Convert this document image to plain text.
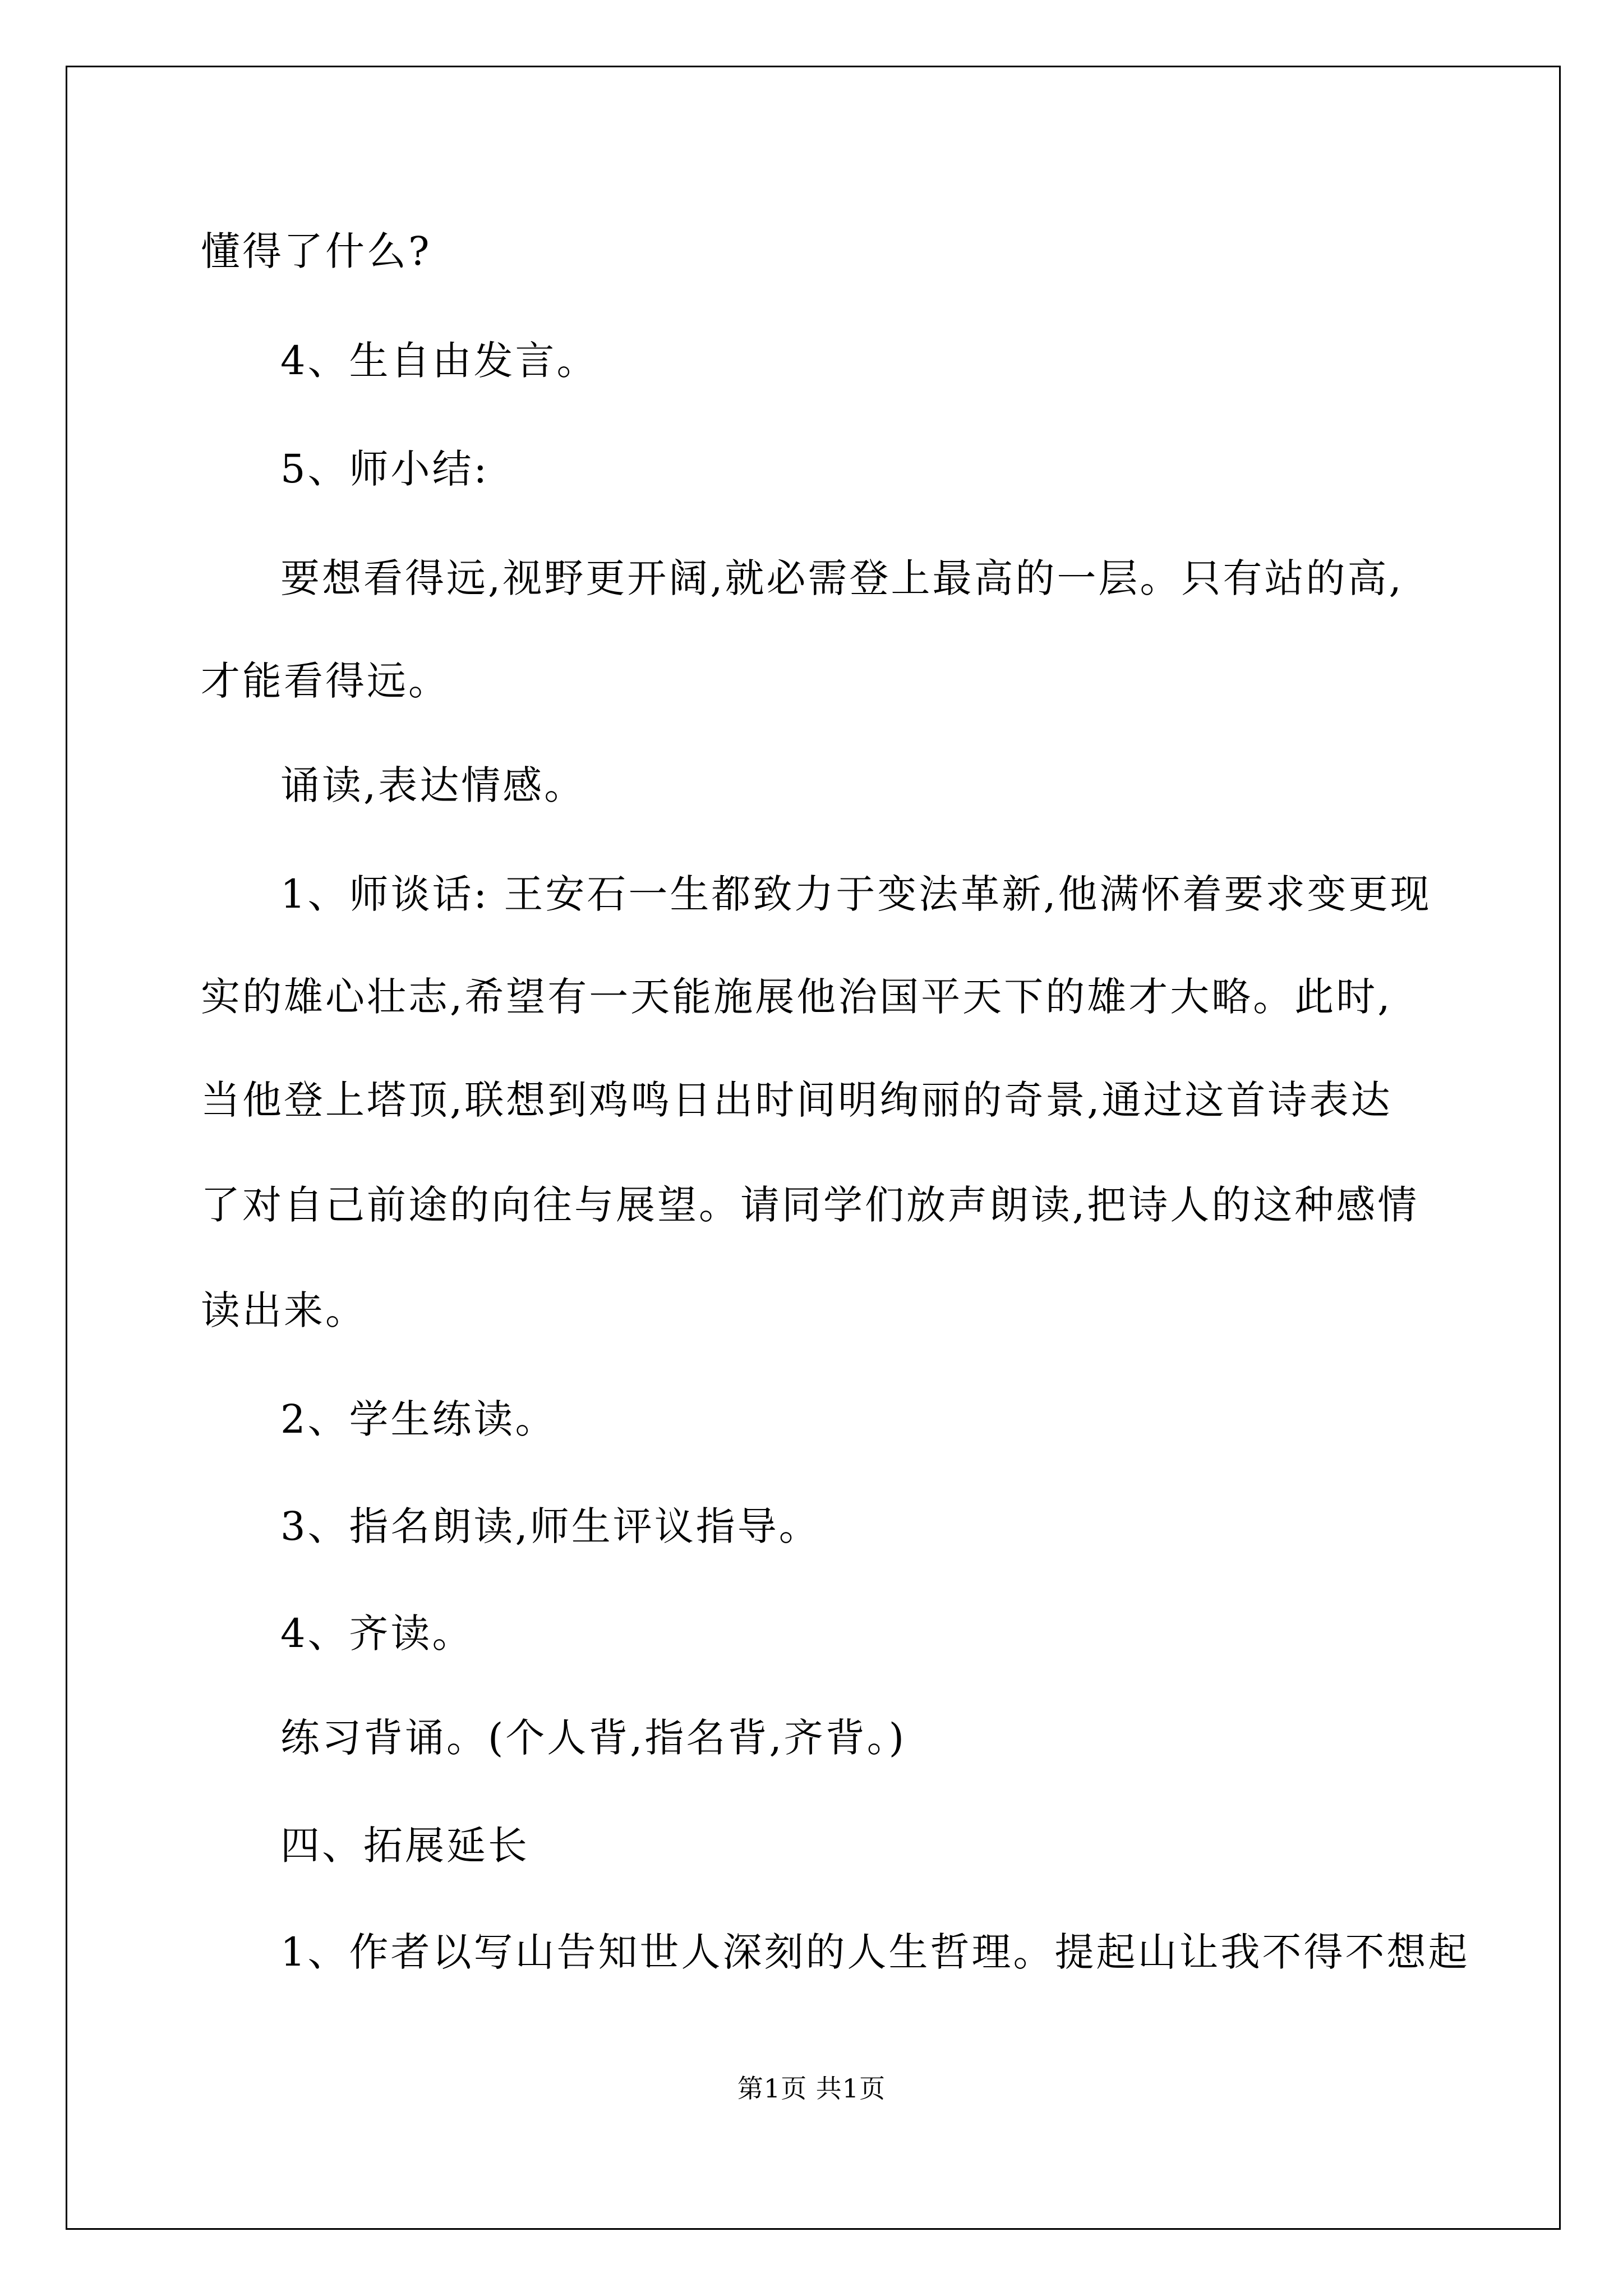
懂得了什么?

4、生自由发言。

5、师小结:

要想看得远,视野更开阔,就必需登上最高的一层。只有站的高,

才能看得远。

诵读,表达情感。

1、师谈话: 王安石一生都致力于变法革新,他满怀着要求变更现

实的雄心壮志,希望有一天能施展他治国平天下的雄才大略。此时,

当他登上塔顶,联想到鸡鸣日出时间明绚丽的奇景,通过这首诗表达

了对自己前途的向往与展望。请同学们放声朗读,把诗人的这种感情

读出来。

2、学生练读。

3、指名朗读,师生评议指导。

4、齐读。

练习背诵。(个人背,指名背,齐背。)

四、拓展延长

1、作者以写山告知世人深刻的人生哲理。提起山让我不得不想起

第1页 共1页
